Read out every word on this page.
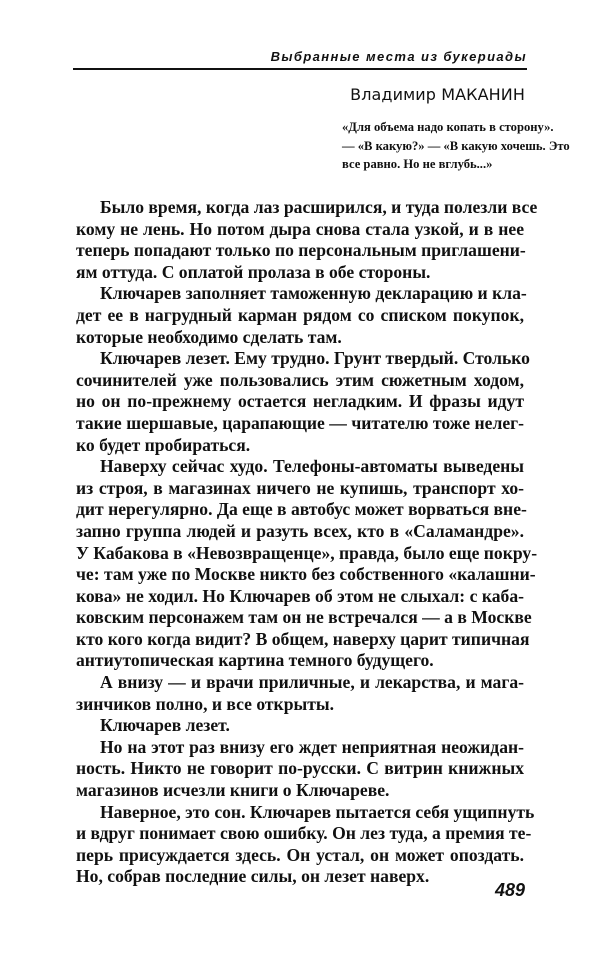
Выбранные места из букериады
Владимир МАКАНИН
«Для объема надо копать в сторону».
— «В какую?» — «В какую хочешь. Это
все равно. Но не вглубь...»
Было время, когда лаз расширился, и туда полезли все
кому не лень. Но потом дыра снова стала узкой, и в нее
теперь попадают только по персональным приглашени-
ям оттуда. С оплатой пролаза в обе стороны.
Ключарев заполняет таможенную декларацию и кла-
дет ее в нагрудный карман рядом со списком покупок,
которые необходимо сделать там.
Ключарев лезет. Ему трудно. Грунт твердый. Столько
сочинителей уже пользовались этим сюжетным ходом,
но он по-прежнему остается негладким. И фразы идут
такие шершавые, царапающие — читателю тоже нелег-
ко будет пробираться.
Наверху сейчас худо. Телефоны-автоматы выведены
из строя, в магазинах ничего не купишь, транспорт хо-
дит нерегулярно. Да еще в автобус может ворваться вне-
запно группа людей и разуть всех, кто в «Саламандре».
У Кабакова в «Невозвращенце», правда, было еще покру-
че: там уже по Москве никто без собственного «калашни-
кова» не ходил. Но Ключарев об этом не слыхал: с каба-
ковским персонажем там он не встречался — а в Москве
кто кого когда видит? В общем, наверху царит типичная
антиутопическая картина темного будущего.
А внизу — и врачи приличные, и лекарства, и мага-
зинчиков полно, и все открыты.
Ключарев лезет.
Но на этот раз внизу его ждет неприятная неожидан-
ность. Никто не говорит по-русски. С витрин книжных
магазинов исчезли книги о Ключареве.
Наверное, это сон. Ключарев пытается себя ущипнуть
и вдруг понимает свою ошибку. Он лез туда, а премия те-
перь присуждается здесь. Он устал, он может опоздать.
Но, собрав последние силы, он лезет наверх.
489
